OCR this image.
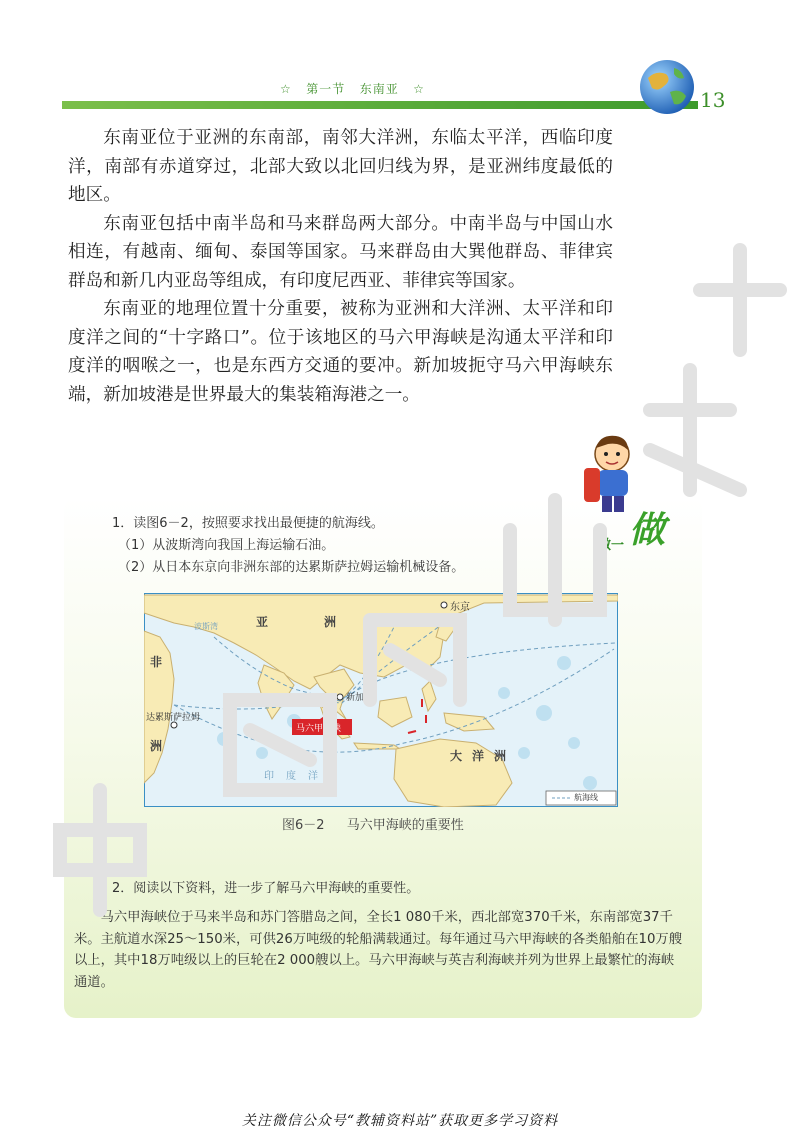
☆ 第一节 东南亚 ☆	13

东南亚位于亚洲的东南部，南邻大洋洲，东临太平洋，西临印度洋，南部有赤道穿过，北部大致以北回归线为界，是亚洲纬度最低的地区。

东南亚包括中南半岛和马来群岛两大部分。中南半岛与中国山水相连，有越南、缅甸、泰国等国家。马来群岛由大巽他群岛、菲律宾群岛和新几内亚岛等组成，有印度尼西亚、菲律宾等国家。

东南亚的地理位置十分重要，被称为亚洲和大洋洲、太平洋和印度洋之间的“十字路口”。位于该地区的马六甲海峡是沟通太平洋和印度洋的咽喉之一，也是东西方交通的要冲。新加坡扼守马六甲海峡东端，新加坡港是世界最大的集装箱海港之一。

做一 做
1．读图6－2，按照要求找出最便捷的航海线。
（1）从波斯湾向我国上海运输石油。
（2）从日本东京向非洲东部的达累斯萨拉姆运输机械设备。
亚	洲
波斯湾	上海
东京
非
洲
新加坡
达累斯萨拉姆
马六甲海峡
印度洋
大洋洲
航海线
图6－2 马六甲海峡的重要性
2．阅读以下资料，进一步了解马六甲海峡的重要性。

马六甲海峡位于马来半岛和苏门答腊岛之间，全长1 080千米，西北部宽370千米，东南部宽37千米。主航道水深25～150米，可供26万吨级的轮船满载通过。每年通过马六甲海峡的各类船舶在10万艘以上，其中18万吨级以上的巨轮在2 000艘以上。马六甲海峡与英吉利海峡并列为世界上最繁忙的海峡通道。

关注微信公众号“教辅资料站”获取更多学习资料
